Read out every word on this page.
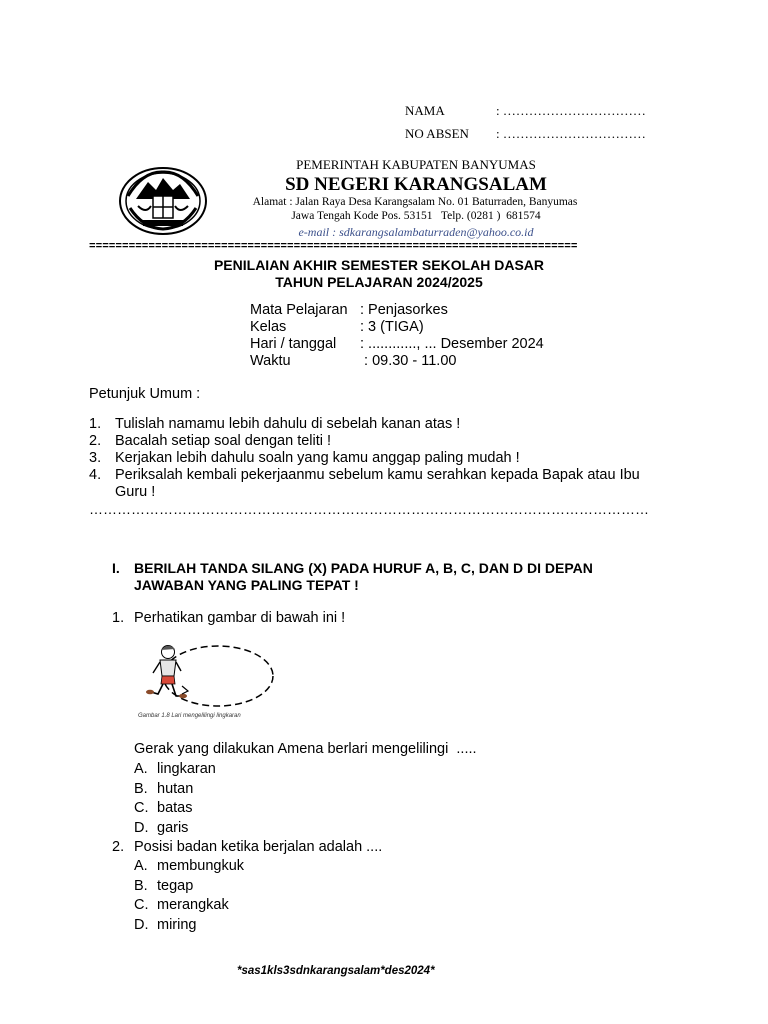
NAMA	: ……………………………
NO ABSEN : ……………………………
PEMERINTAH KABUPATEN BANYUMAS
SD NEGERI KARANGSALAM
Alamat : Jalan Raya Desa Karangsalam No. 01 Baturraden, Banyumas
Jawa Tengah Kode Pos. 53151   Telp. (0281 )  681574
e-mail : sdkarangsalambaturraden@yahoo.co.id
==========================================================================
PENILAIAN AKHIR SEMESTER SEKOLAH DASAR
TAHUN PELAJARAN 2024/2025
Mata Pelajaran : Penjasorkes
Kelas	: 3 (TIGA)
Hari / tanggal : ............, ... Desember 2024
Waktu	: 09.30 - 11.00
Petunjuk Umum :
1. Tulislah namamu lebih dahulu di sebelah kanan atas !
2. Bacalah setiap soal dengan teliti !
3. Kerjakan lebih dahulu soaln yang kamu anggap paling mudah !
4. Periksalah kembali pekerjaanmu sebelum kamu serahkan kepada Bapak atau Ibu Guru !
…………………………………………………………………………………………………………
I. BERILAH TANDA SILANG (X) PADA HURUF A, B, C, DAN D DI DEPAN
JAWABAN YANG PALING TEPAT !
1. Perhatikan gambar di bawah ini !
Gambar 1.8 Lari mengelilingi lingkaran
Gerak yang dilakukan Amena berlari mengelilingi  .....
A. lingkaran
B. hutan
C. batas
D. garis
2. Posisi badan ketika berjalan adalah ....
A. membungkuk
B. tegap
C. merangkak
D. miring
*sas1kls3sdnkarangsalam*des2024*
